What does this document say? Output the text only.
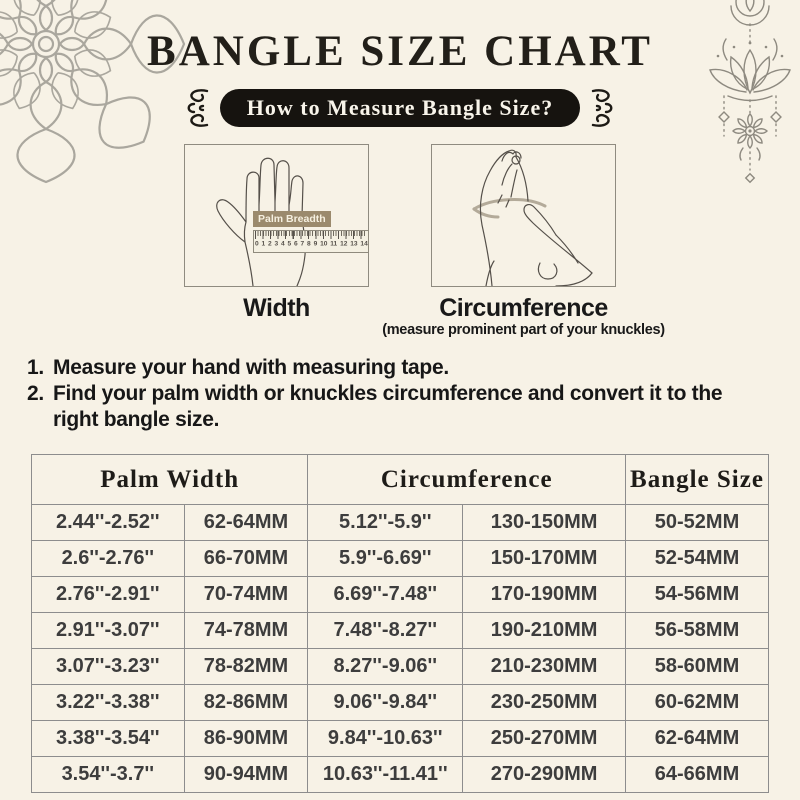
BANGLE SIZE CHART
How to Measure Bangle Size?
Palm Breadth
0 1 2 3 4 5 6 7 8 9 10 11 12 13 14
Width	Circumference
(measure prominent part of your knuckles)
1. Measure your hand with measuring tape.
2. Find your palm width or knuckles circumference and convert it to the right bangle size.
Palm Width		Circumference		Bangle Size
2.44''-2.52''	62-64MM	5.12''-5.9''	130-150MM	50-52MM
2.6''-2.76''	66-70MM	5.9''-6.69''	150-170MM	52-54MM
2.76''-2.91''	70-74MM	6.69''-7.48''	170-190MM	54-56MM
2.91''-3.07''	74-78MM	7.48''-8.27''	190-210MM	56-58MM
3.07''-3.23''	78-82MM	8.27''-9.06''	210-230MM	58-60MM
3.22''-3.38''	82-86MM	9.06''-9.84''	230-250MM	60-62MM
3.38''-3.54''	86-90MM	9.84''-10.63''	250-270MM	62-64MM
3.54''-3.7''	90-94MM	10.63''-11.41''	270-290MM	64-66MM
